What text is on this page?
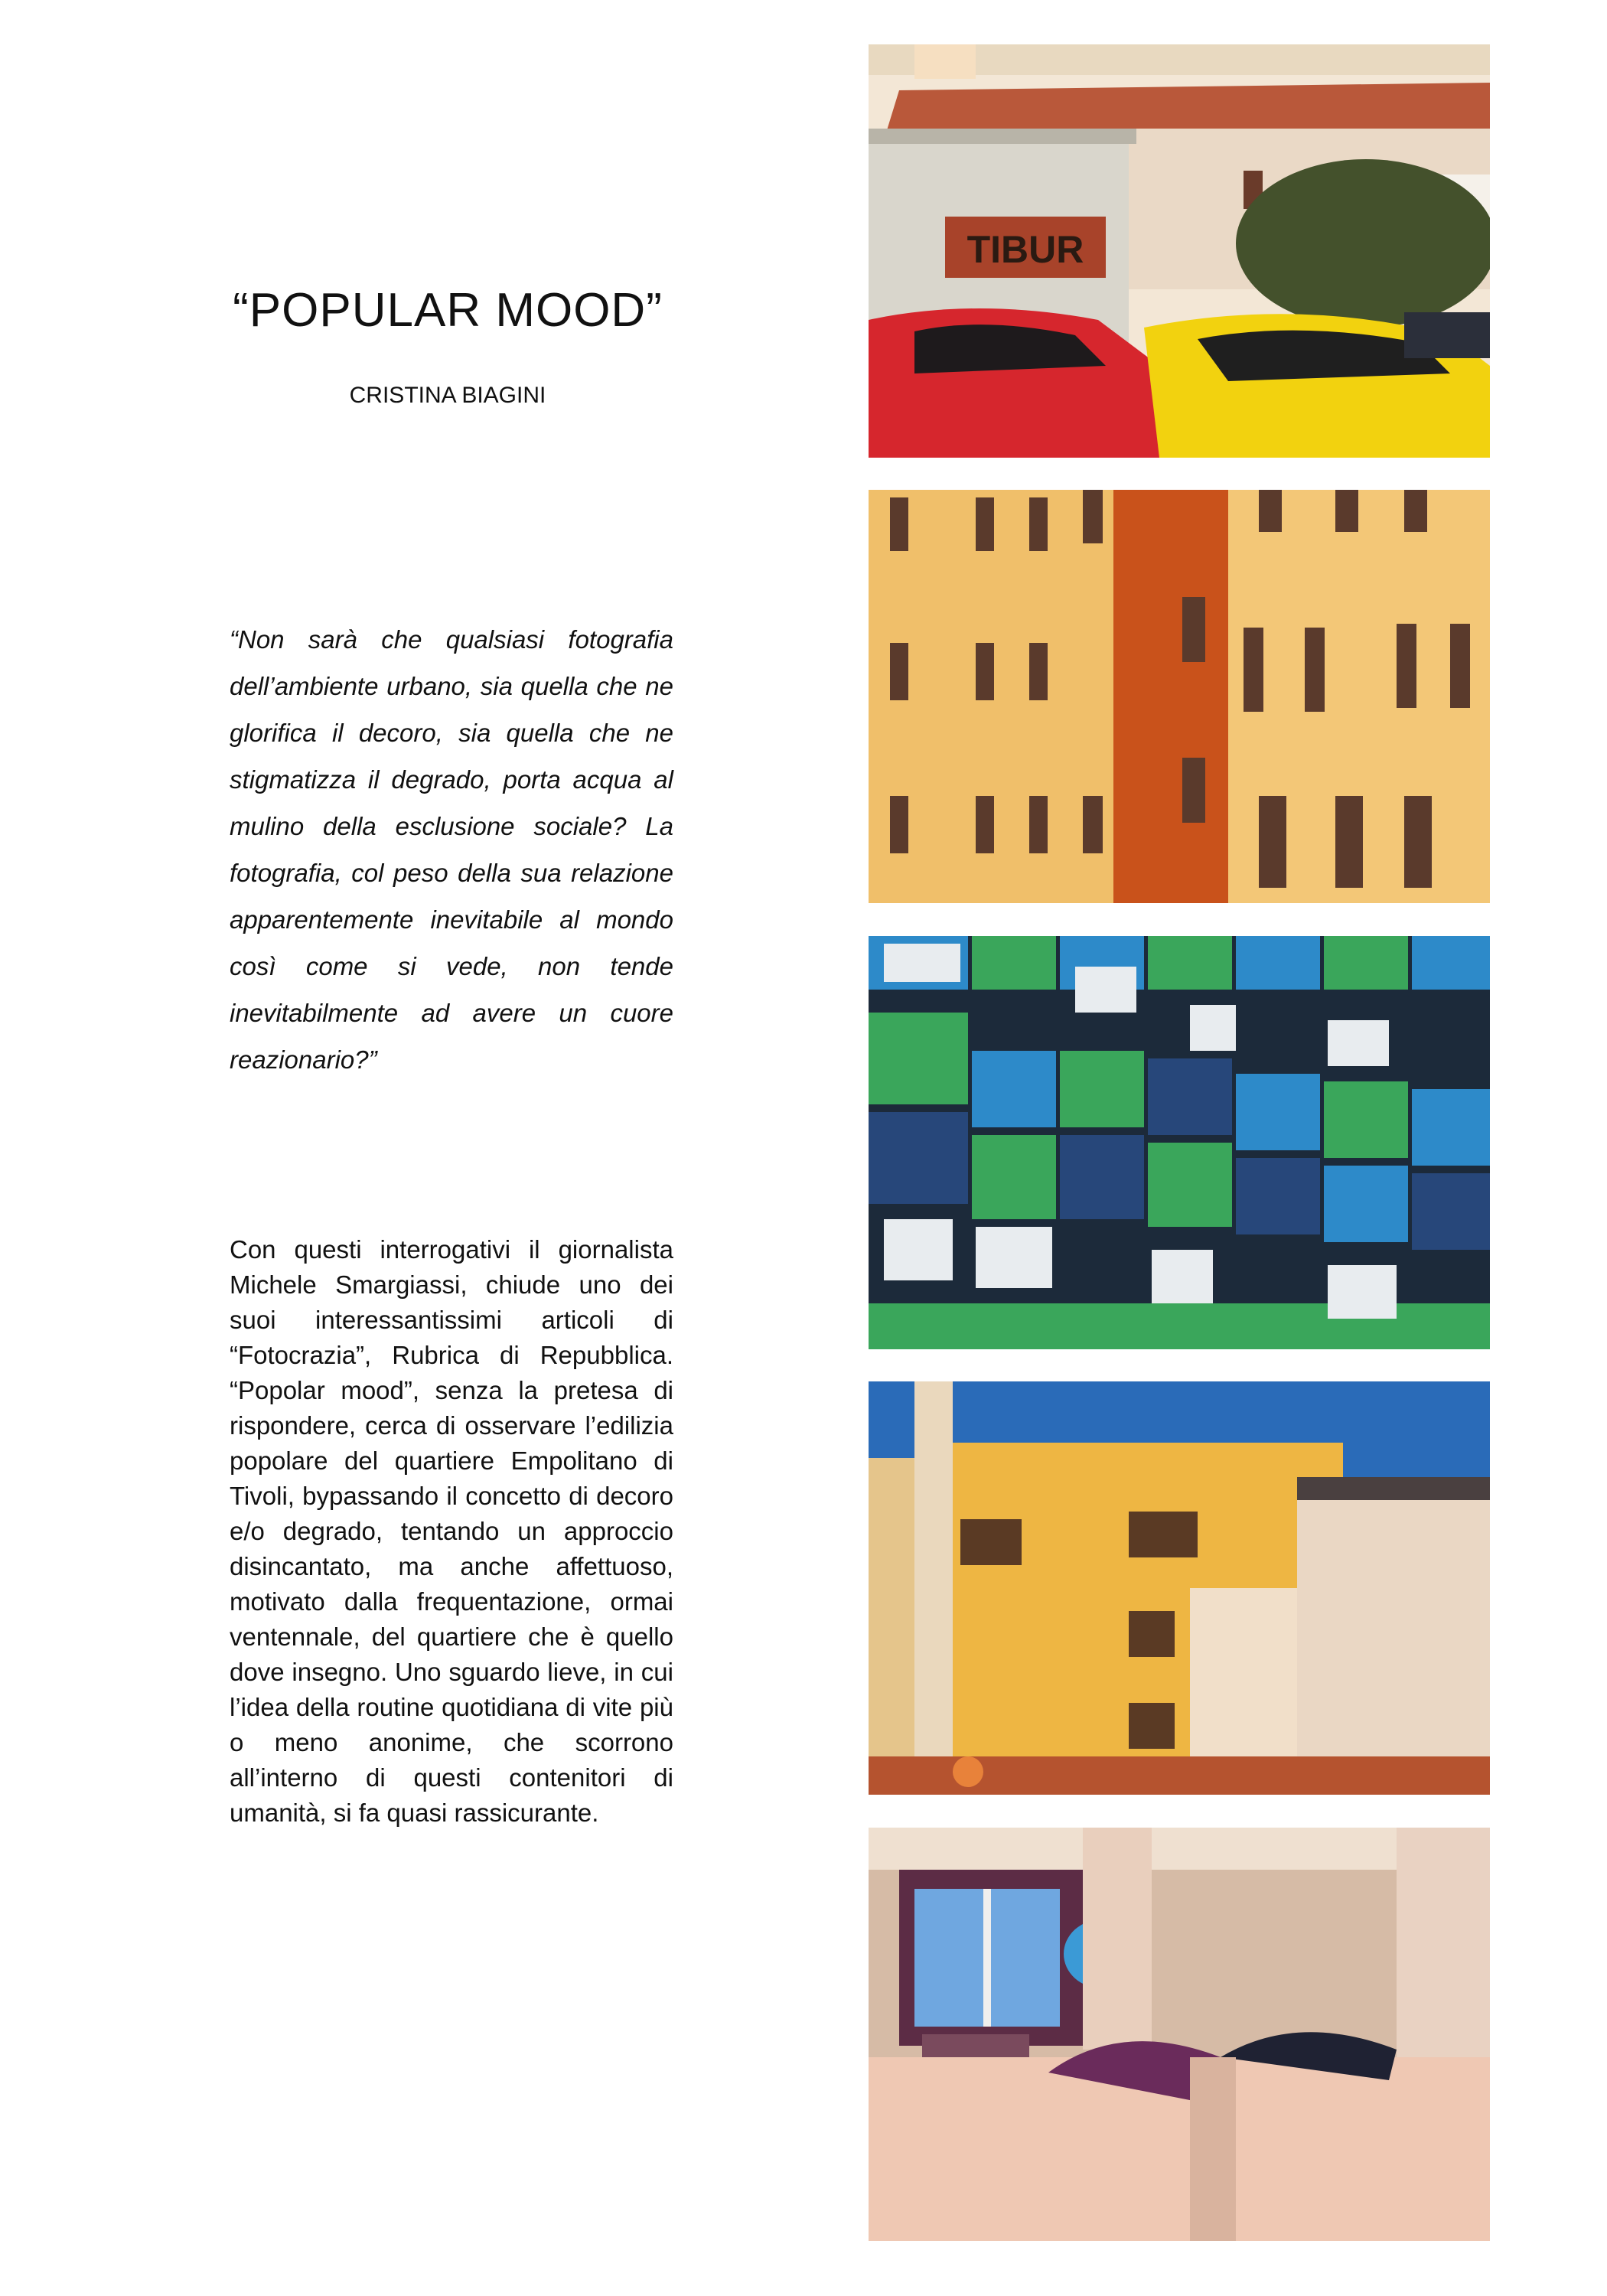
“POPULAR MOOD”

CRISTINA BIAGINI

“Non sarà che qualsiasi fotografia dell’ambiente urbano, sia quella che ne glorifica il decoro, sia quella che ne stigmatizza il degrado, porta acqua al mulino della esclusione sociale? La fotografia, col peso della sua relazione apparentemente inevitabile al mondo così come si vede, non tende inevitabilmente ad avere un cuore reazionario?”

Con questi interrogativi il giornalista Michele Smargiassi, chiude uno dei suoi interessantissimi articoli di “Fotocrazia”, Rubrica di Repubblica. “Popolar mood”, senza la pretesa di rispondere, cerca di osservare l’edilizia popolare del quartiere Empolitano di Tivoli, bypassando il concetto di decoro e/o degrado, tentando un approccio disincantato, ma anche affettuoso, motivato dalla frequentazione, ormai ventennale, del quartiere che è quello dove insegno. Uno sguardo lieve, in cui l’idea della routine quotidiana di vite più o meno anonime, che scorrono all’interno di questi contenitori di umanità, si fa quasi rassicurante.

TIBUR
